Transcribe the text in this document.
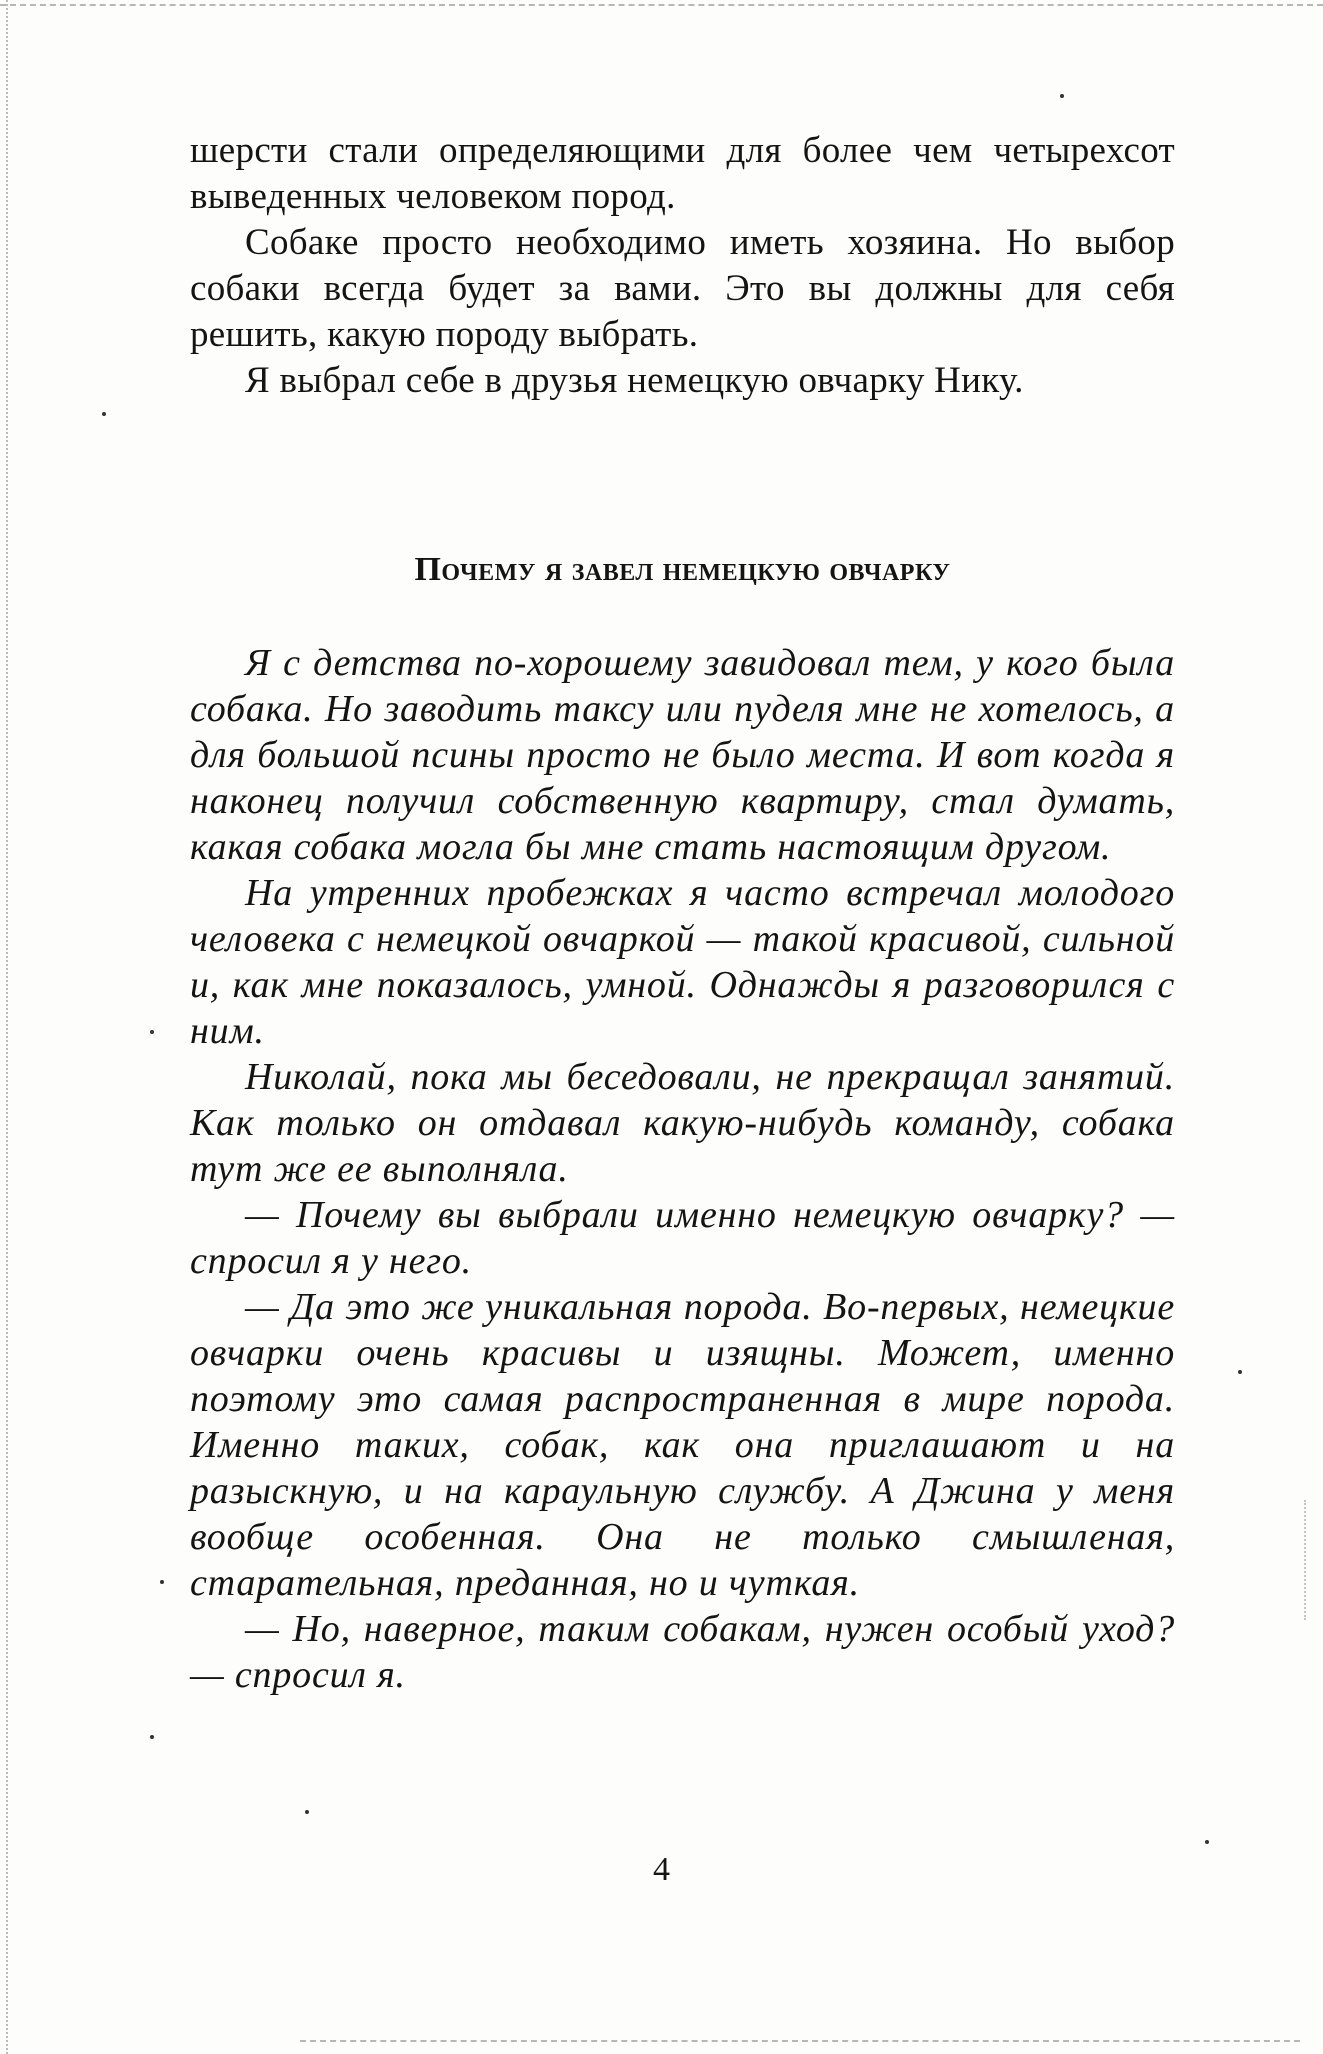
шерсти стали определяющими для более чем четырехсот выведенных человеком пород.

Собаке просто необходимо иметь хозяина. Но выбор собаки всегда будет за вами. Это вы должны для себя решить, какую породу выбрать.

Я выбрал себе в друзья немецкую овчарку Нику.

Почему я завел немецкую овчарку

Я с детства по-хорошему завидовал тем, у кого была собака. Но заводить таксу или пуделя мне не хотелось, а для большой псины просто не было места. И вот когда я наконец получил собственную квартиру, стал думать, какая собака могла бы мне стать настоящим другом.

На утренних пробежках я часто встречал молодого человека с немецкой овчаркой — такой красивой, сильной и, как мне показалось, умной. Однажды я разговорился с ним.

Николай, пока мы беседовали, не прекращал занятий. Как только он отдавал какую-нибудь команду, собака тут же ее выполняла.

— Почему вы выбрали именно немецкую овчарку? — спросил я у него.

— Да это же уникальная порода. Во-первых, немецкие овчарки очень красивы и изящны. Может, именно поэтому это самая распространенная в мире порода. Именно таких, собак, как она приглашают и на разыскную, и на караульную службу. А Джина у меня вообще особенная. Она не только смышленая, старательная, преданная, но и чуткая.

— Но, наверное, таким собакам, нужен особый уход? — спросил я.

4
